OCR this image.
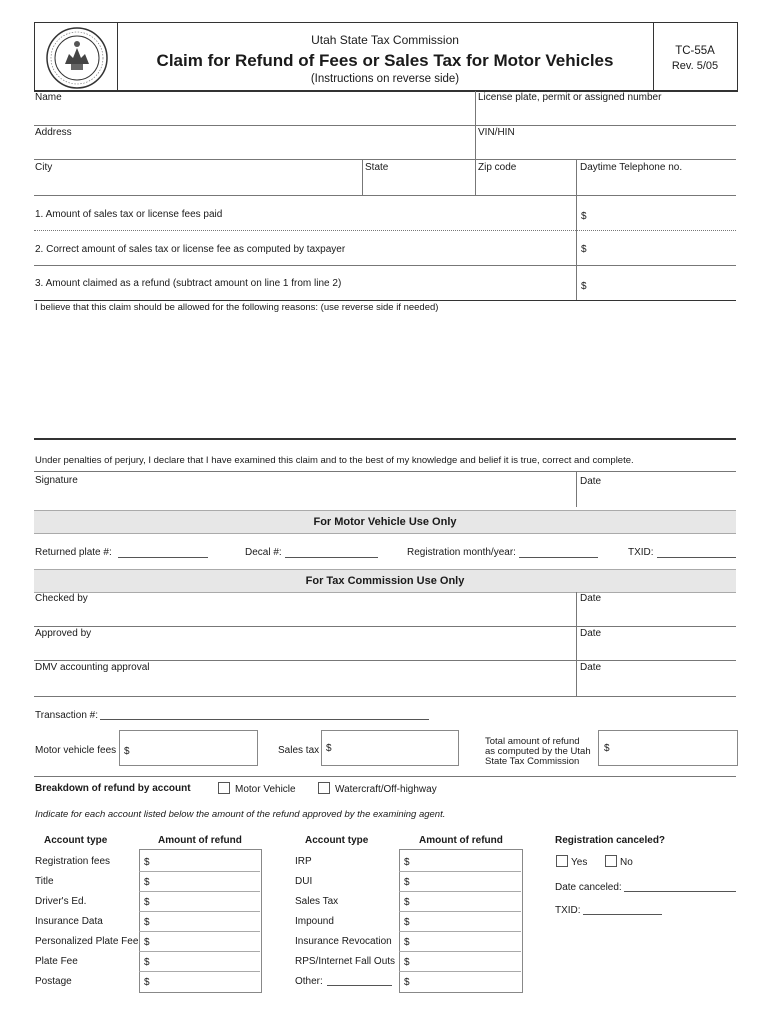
Utah State Tax Commission
Claim for Refund of Fees or Sales Tax for Motor Vehicles
(Instructions on reverse side)
TC-55A
Rev. 5/05
Name	License plate, permit or assigned number
Address	VIN/HIN
City	State	Zip code	Daytime Telephone no.
1. Amount of sales tax or license fees paid	$
2. Correct amount of sales tax or license fee as computed by taxpayer	$
3. Amount claimed as a refund (subtract amount on line 1 from line 2)	$
I believe that this claim should be allowed for the following reasons: (use reverse side if needed)
Under penalties of perjury, I declare that I have examined this claim and to the best of my knowledge and belief it is true, correct and complete.
Signature	Date
For Motor Vehicle Use Only
Returned plate #:	Decal #:	Registration month/year:	TXID:
For Tax Commission Use Only
Checked by	Date
Approved by	Date
DMV accounting approval	Date
Transaction #:
Motor vehicle fees $	Sales tax $
Total amount of refund
as computed by the Utah
State Tax Commission
$
Breakdown of refund by account	Motor Vehicle	Watercraft/Off-highway
Indicate for each account listed below the amount of the refund approved by the examining agent.
Account type	Amount of refund	Account type	Amount of refund
Registration fees	$
Title	$
Driver's Ed.	$
Insurance Data	$
Personalized Plate Fee $
Plate Fee	$
Postage	$
IRP	$
DUI	$
Sales Tax	$
Impound	$
Insurance Revocation $
RPS/Internet Fall Outs $
Other:	$
Registration canceled?
Yes	No
Date canceled:
TXID:
